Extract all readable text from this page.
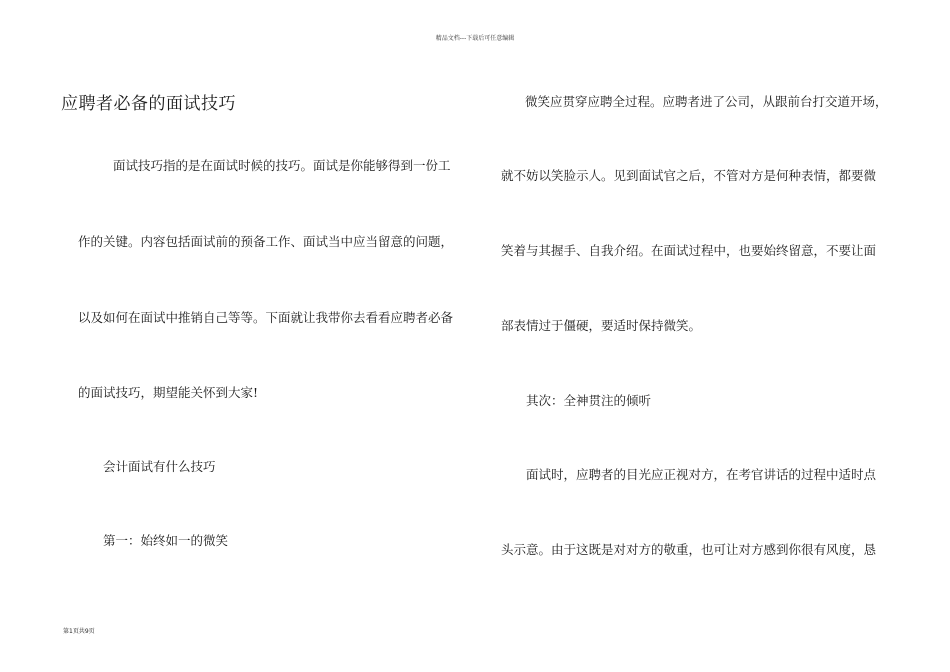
精品文档---下载后可任意编辑
应聘者必备的面试技巧
面试技巧指的是在面试时候的技巧。面试是你能够得到一份工
作的关键。内容包括面试前的预备工作、面试当中应当留意的问题，
以及如何在面试中推销自己等等。下面就让我带你去看看应聘者必备
的面试技巧，期望能关怀到大家!
会计面试有什么技巧
第一：始终如一的微笑
微笑应贯穿应聘全过程。应聘者进了公司，从跟前台打交道开场，
就不妨以笑脸示人。见到面试官之后，不管对方是何种表情，都要微
笑着与其握手、自我介绍。在面试过程中，也要始终留意，不要让面
部表情过于僵硬，要适时保持微笑。
其次：全神贯注的倾听
面试时，应聘者的目光应正视对方，在考官讲话的过程中适时点
头示意。由于这既是对对方的敬重，也可让对方感到你很有风度，恳
第1页共9页
